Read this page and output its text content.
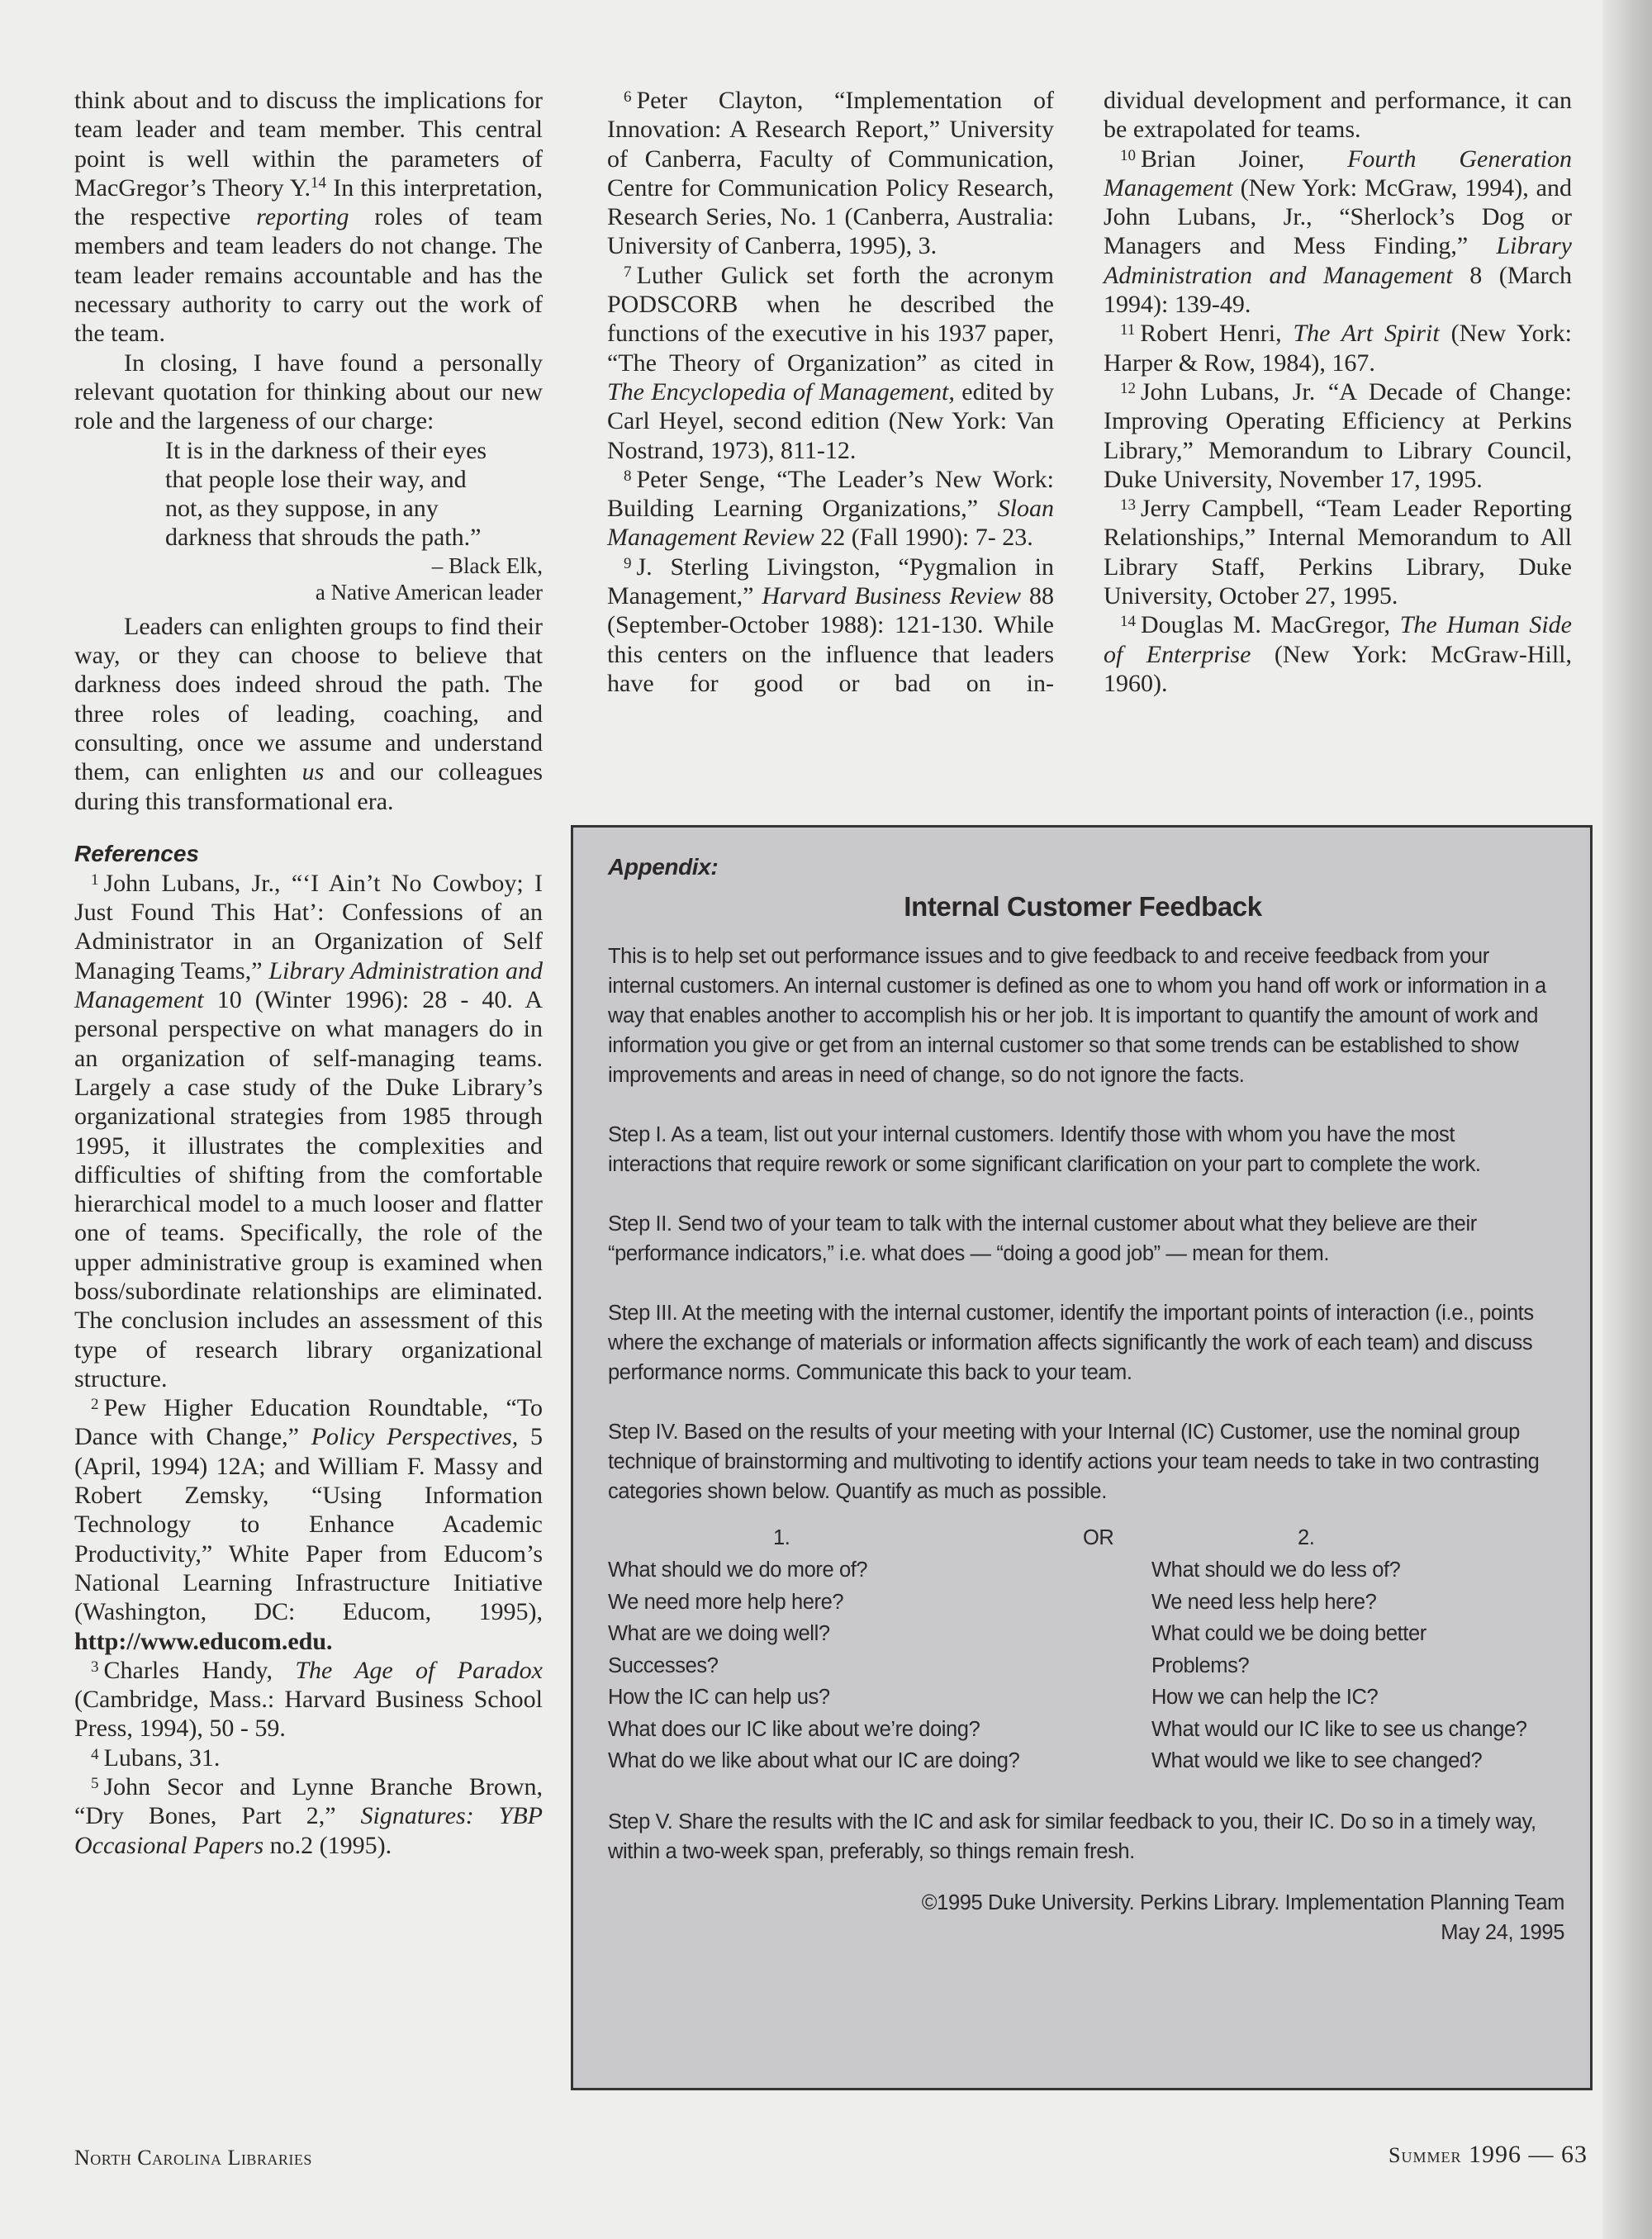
think about and to discuss the implications for team leader and team member. This central point is well within the parameters of MacGregor’s Theory Y.$^{14}$ In this interpretation, the respective reporting roles of team members and team leaders do not change. The team leader remains accountable and has the necessary authority to carry out the work of the team.

In closing, I have found a personally relevant quotation for thinking about our new role and the largeness of our charge:

It is in the darkness of their eyes
that people lose their way, and
not, as they suppose, in any
darkness that shrouds the path.”
– Black Elk,
a Native American leader

Leaders can enlighten groups to find their way, or they can choose to believe that darkness does indeed shroud the path. The three roles of leading, coaching, and consulting, once we assume and understand them, can enlighten us and our colleagues during this transformational era.

References

$^1$ John Lubans, Jr., “‘I Ain’t No Cowboy; I Just Found This Hat’: Confessions of an Administrator in an Organization of Self Managing Teams,” Library Administration and Management 10 (Winter 1996): 28 - 40. A personal perspective on what managers do in an organization of self-managing teams. Largely a case study of the Duke Library’s organizational strategies from 1985 through 1995, it illustrates the complexities and difficulties of shifting from the comfortable hierarchical model to a much looser and flatter one of teams. Specifically, the role of the upper administrative group is examined when boss/subordinate relationships are eliminated. The conclusion includes an assessment of this type of research library organizational structure.

$^2$ Pew Higher Education Roundtable, “To Dance with Change,” Policy Perspectives, 5 (April, 1994) 12A; and William F. Massy and Robert Zemsky, “Using Information Technology to Enhance Academic Productivity,” White Paper from Educom’s National Learning Infrastructure Initiative (Washington, DC: Educom, 1995), http://www.educom.edu.

$^3$ Charles Handy, The Age of Paradox (Cambridge, Mass.: Harvard Business School Press, 1994), 50 - 59.

$^4$ Lubans, 31.

$^5$ John Secor and Lynne Branche Brown, “Dry Bones, Part 2,” Signatures: YBP Occasional Papers no.2 (1995).

$^6$ Peter Clayton, “Implementation of Innovation: A Research Report,” University of Canberra, Faculty of Communication, Centre for Communication Policy Research, Research Series, No. 1 (Canberra, Australia: University of Canberra, 1995), 3.

$^7$ Luther Gulick set forth the acronym PODSCORB when he described the functions of the executive in his 1937 paper, “The Theory of Organization” as cited in The Encyclopedia of Management, edited by Carl Heyel, second edition (New York: Van Nostrand, 1973), 811-12.

$^8$ Peter Senge, “The Leader’s New Work: Building Learning Organizations,” Sloan Management Review 22 (Fall 1990): 7- 23.

$^9$ J. Sterling Livingston, “Pygmalion in Management,” Harvard Business Review 88 (September-October 1988): 121-130. While this centers on the influence that leaders have for good or bad on in-

dividual development and performance, it can be extrapolated for teams.

$^{10}$ Brian Joiner, Fourth Generation Management (New York: McGraw, 1994), and John Lubans, Jr., “Sherlock’s Dog or Managers and Mess Finding,” Library Administration and Management 8 (March 1994): 139-49.

$^{11}$ Robert Henri, The Art Spirit (New York: Harper & Row, 1984), 167.

$^{12}$ John Lubans, Jr. “A Decade of Change: Improving Operating Efficiency at Perkins Library,” Memorandum to Library Council, Duke University, November 17, 1995.

$^{13}$ Jerry Campbell, “Team Leader Reporting Relationships,” Internal Memorandum to All Library Staff, Perkins Library, Duke University, October 27, 1995.

$^{14}$ Douglas M. MacGregor, The Human Side of Enterprise (New York: McGraw-Hill, 1960).

Appendix:
Internal Customer Feedback

This is to help set out performance issues and to give feedback to and receive feedback from your internal customers. An internal customer is defined as one to whom you hand off work or information in a way that enables another to accomplish his or her job. It is important to quantify the amount of work and information you give or get from an internal customer so that some trends can be established to show improvements and areas in need of change, so do not ignore the facts.

Step I. As a team, list out your internal customers. Identify those with whom you have the most interactions that require rework or some significant clarification on your part to complete the work.

Step II. Send two of your team to talk with the internal customer about what they believe are their “performance indicators,” i.e. what does — “doing a good job” — mean for them.

Step III. At the meeting with the internal customer, identify the important points of interaction (i.e., points where the exchange of materials or information affects significantly the work of each team) and discuss performance norms. Communicate this back to your team.

Step IV. Based on the results of your meeting with your Internal (IC) Customer, use the nominal group technique of brainstorming and multivoting to identify actions your team needs to take in two contrasting categories shown below. Quantify as much as possible.

1.	OR	2.
What should we do more of?	What should we do less of?
We need more help here?	We need less help here?
What are we doing well?	What could we be doing better
Successes?	Problems?
How the IC can help us?	How we can help the IC?
What does our IC like about we’re doing?	What would our IC like to see us change?
What do we like about what our IC are doing?	What would we like to see changed?

Step V. Share the results with the IC and ask for similar feedback to you, their IC. Do so in a timely way, within a two-week span, preferably, so things remain fresh.

©1995 Duke University. Perkins Library. Implementation Planning Team
May 24, 1995
North Carolina Libraries	Summer 1996 — 63
